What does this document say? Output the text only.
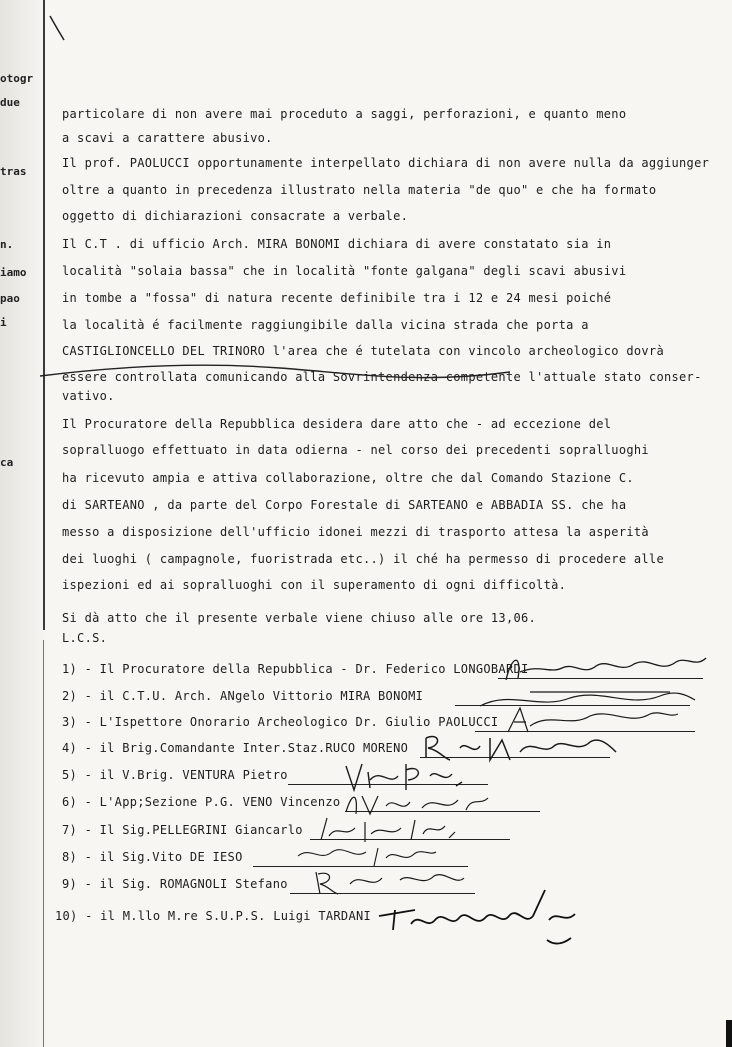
otogr
due
tras
n.
iamo
pao
i
ca

particolare di non avere mai proceduto a saggi, perforazioni, e quanto meno

a scavi a carattere abusivo.

Il prof. PAOLUCCI opportunamente interpellato dichiara di non avere nulla da aggiunger

oltre a quanto in precedenza illustrato nella materia "de quo" e che ha formato

oggetto di dichiarazioni consacrate a verbale.

Il C.T . di ufficio Arch. MIRA BONOMI dichiara di avere constatato sia in

località "solaia bassa" che in località "fonte galgana" degli scavi abusivi

in tombe a "fossa" di natura recente definibile tra i 12 e 24 mesi poiché

la località é facilmente raggiungibile dalla vicina strada che porta a

CASTIGLIONCELLO DEL TRINORO l'area che é tutelata con vincolo archeologico dovrà

essere controllata comunicando alla Sovrintendenza competente l'attuale stato conser-

vativo.

Il Procuratore della Repubblica desidera dare atto che - ad eccezione del

sopralluogo effettuato in data odierna - nel corso dei precedenti sopralluoghi

ha ricevuto ampia e attiva collaborazione, oltre che dal Comando Stazione C.

di SARTEANO , da parte del Corpo Forestale di SARTEANO e ABBADIA SS. che ha

messo a disposizione dell'ufficio idonei mezzi di trasporto attesa la asperità

dei luoghi ( campagnole, fuoristrada etc..) il ché ha permesso di procedere alle

ispezioni ed ai sopralluoghi con il superamento di ogni difficoltà.

Si dà atto che il presente verbale viene chiuso alle ore 13,06.

L.C.S.

1) - Il Procuratore della Repubblica - Dr. Federico LONGOBARDI

2) - il C.T.U. Arch. ANgelo Vittorio MIRA BONOMI

3) - L'Ispettore Onorario Archeologico Dr. Giulio PAOLUCCI

4) - il Brig.Comandante Inter.Staz.RUCO MORENO

5) - il V.Brig. VENTURA Pietro

6) - L'App;Sezione P.G. VENO Vincenzo

7) - Il Sig.PELLEGRINI Giancarlo

8) - il Sig.Vito DE IESO

9) - il Sig. ROMAGNOLI Stefano

10) - il M.llo M.re S.U.P.S. Luigi TARDANI
